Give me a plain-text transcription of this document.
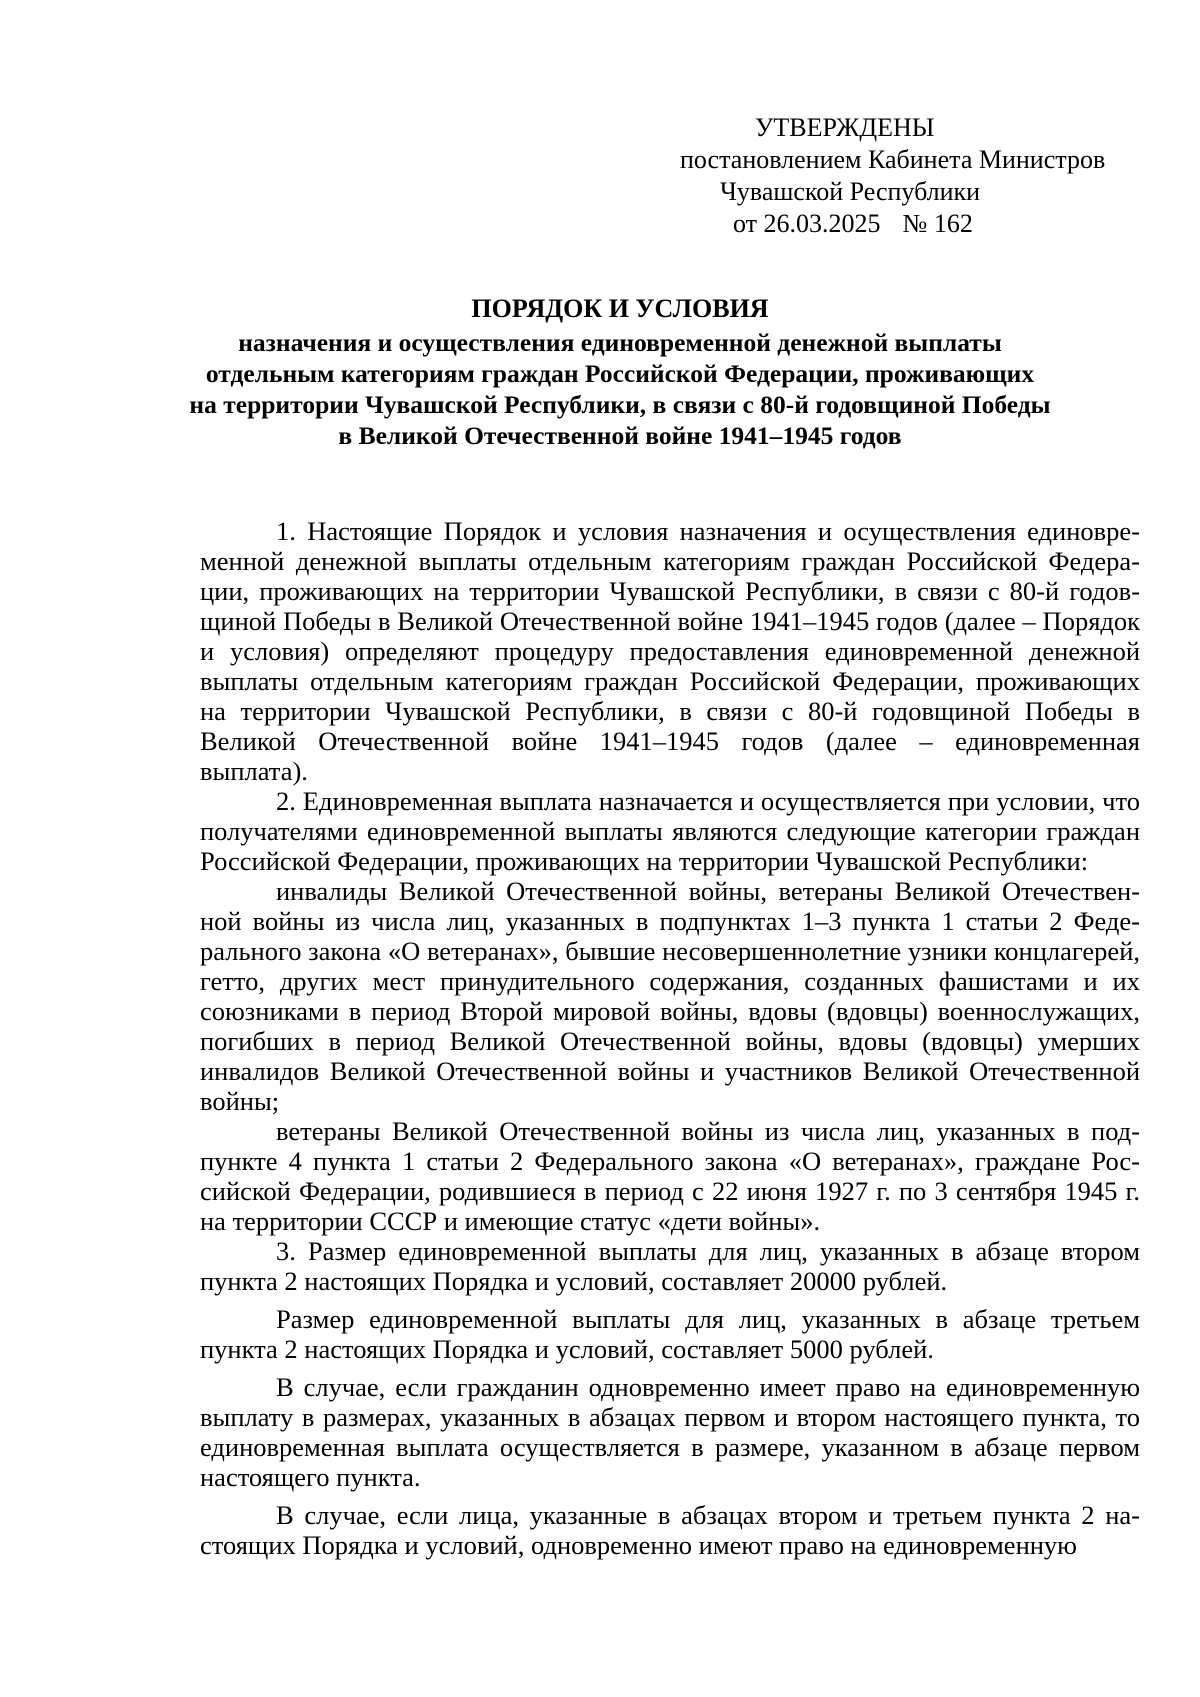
УТВЕРЖДЕНЫ
постановлением Кабинета Министров
Чувашской Республики
от 26.03.2025 № 162
ПОРЯДОК И УСЛОВИЯ
назначения и осуществления единовременной денежной выплаты
отдельным категориям граждан Российской Федерации, проживающих
на территории Чувашской Республики, в связи с 80-й годовщиной Победы
в Великой Отечественной войне 1941–1945 годов

1. Настоящие Порядок и условия назначения и осуществления единовременной денежной выплаты отдельным категориям граждан Российской Федерации, проживающих на территории Чувашской Республики, в связи с 80-й годовщиной Победы в Великой Отечественной войне 1941–1945 годов (далее – Порядок и условия) определяют процедуру предоставления единовременной денежной выплаты отдельным категориям граждан Российской Федерации, проживающих на территории Чувашской Республики, в связи с 80-й годовщиной Победы в Великой Отечественной войне 1941–1945 годов (далее – единовременная выплата).

2. Единовременная выплата назначается и осуществляется при условии, что получателями единовременной выплаты являются следующие категории граждан Российской Федерации, проживающих на территории Чувашской Республики:

инвалиды Великой Отечественной войны, ветераны Великой Отечественной войны из числа лиц, указанных в подпунктах 1–3 пункта 1 статьи 2 Федерального закона «О ветеранах», бывшие несовершеннолетние узники концлагерей, гетто, других мест принудительного содержания, созданных фашистами и их союзниками в период Второй мировой войны, вдовы (вдовцы) военнослужащих, погибших в период Великой Отечественной войны, вдовы (вдовцы) умерших инвалидов Великой Отечественной войны и участников Великой Отечественной войны;

ветераны Великой Отечественной войны из числа лиц, указанных в подпункте 4 пункта 1 статьи 2 Федерального закона «О ветеранах», граждане Российской Федерации, родившиеся в период с 22 июня 1927 г. по 3 сентября 1945 г. на территории СССР и имеющие статус «дети войны».

3. Размер единовременной выплаты для лиц, указанных в абзаце втором пункта 2 настоящих Порядка и условий, составляет 20000 рублей.

Размер единовременной выплаты для лиц, указанных в абзаце третьем пункта 2 настоящих Порядка и условий, составляет 5000 рублей.

В случае, если гражданин одновременно имеет право на единовременную выплату в размерах, указанных в абзацах первом и втором настоящего пункта, то единовременная выплата осуществляется в размере, указанном в абзаце первом настоящего пункта.

В случае, если лица, указанные в абзацах втором и третьем пункта 2 настоящих Порядка и условий, одновременно имеют право на единовременную
